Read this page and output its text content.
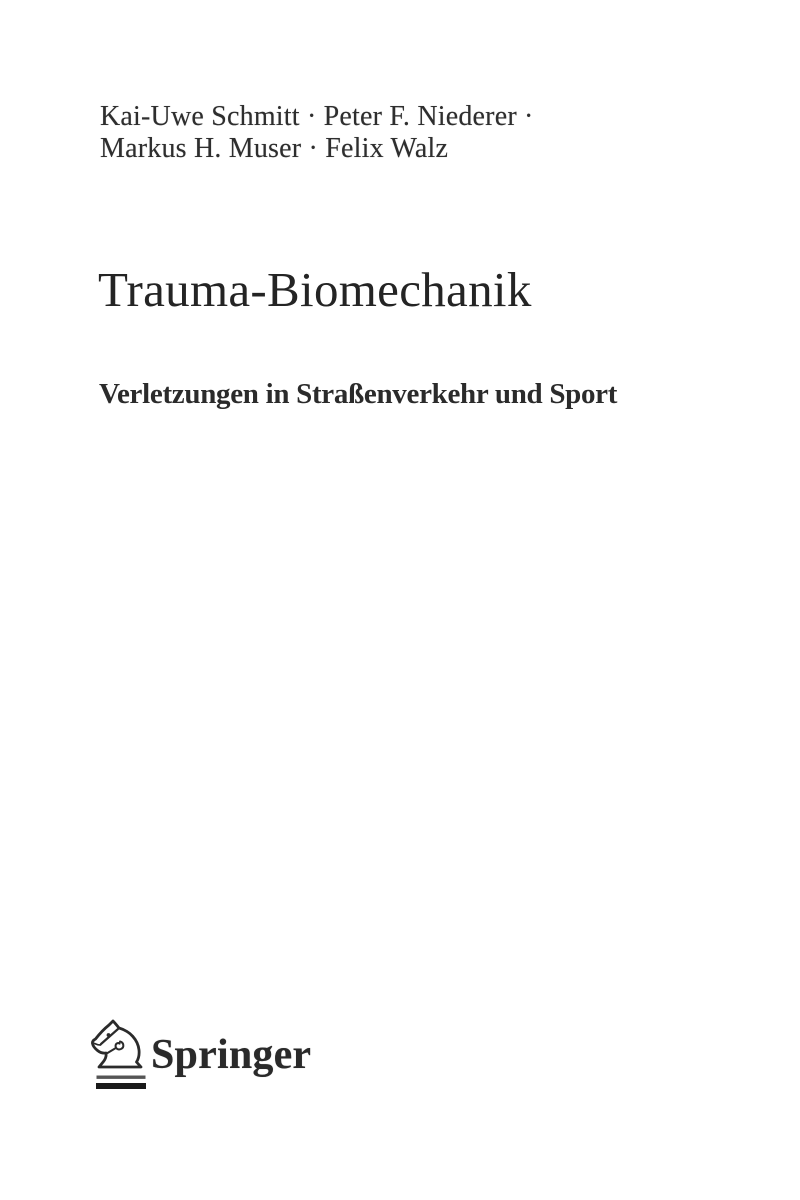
Kai-Uwe Schmitt · Peter F. Niederer ·
Markus H. Muser · Felix Walz
Trauma-Biomechanik
Verletzungen in Straßenverkehr und Sport
Springer
